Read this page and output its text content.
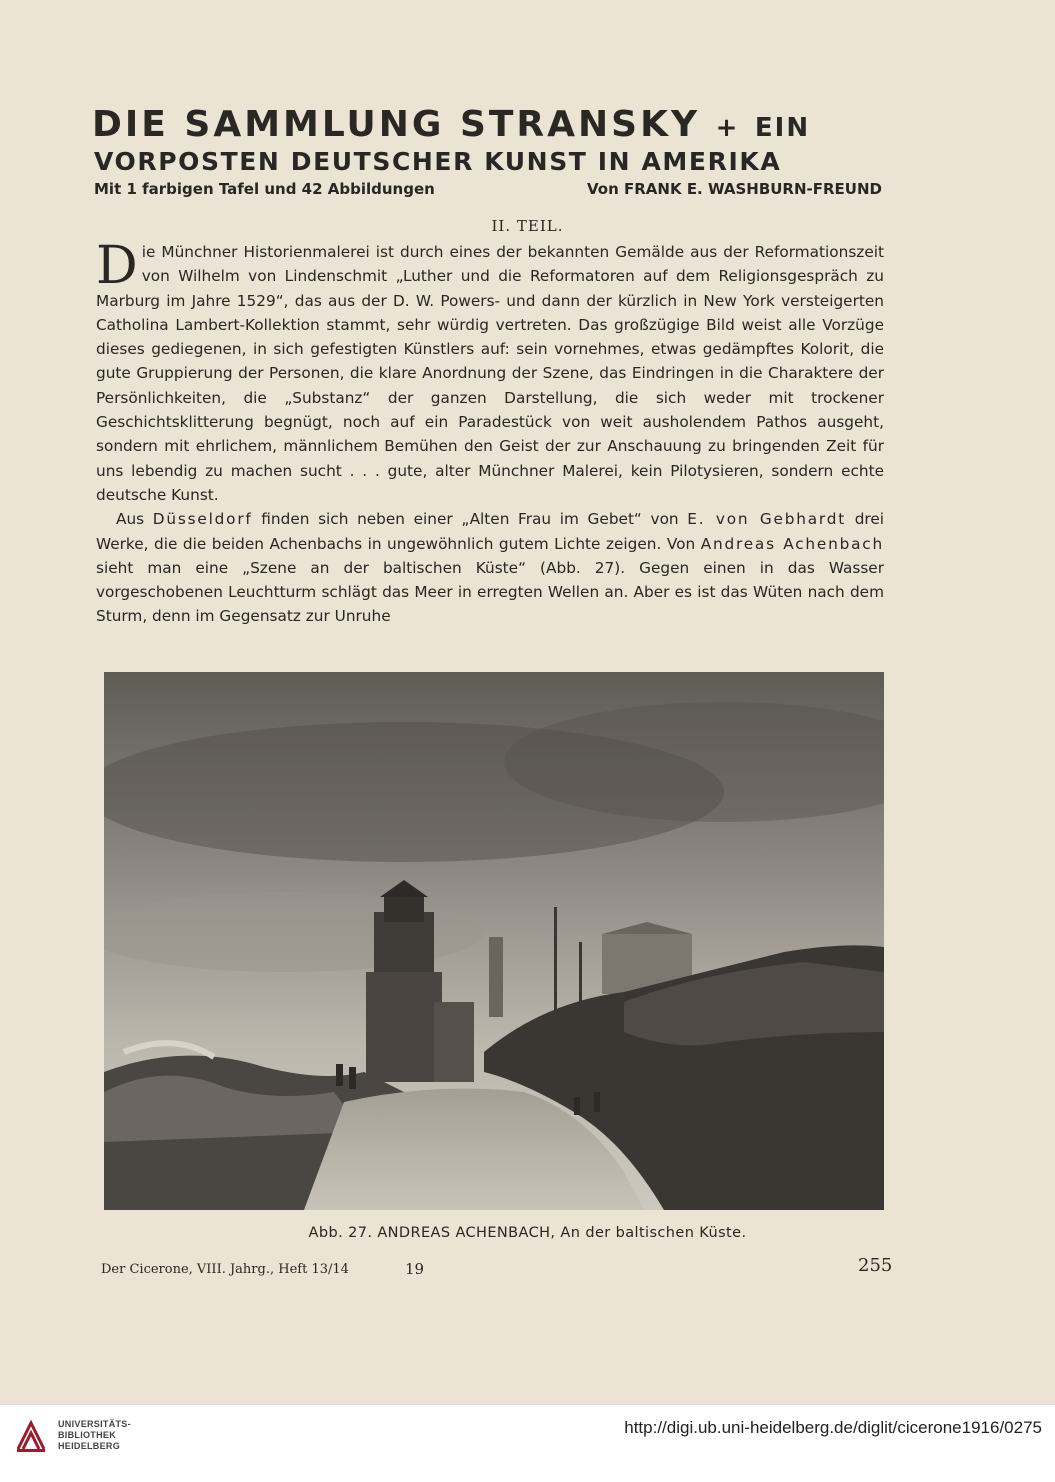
DIE SAMMLUNG STRANSKY + EIN
VORPOSTEN DEUTSCHER KUNST IN AMERIKA
Mit 1 farbigen Tafel und 42 Abbildungen	Von FRANK E. WASHBURN-FREUND
II. TEIL.

D ie Münchner Historienmalerei ist durch eines der bekannten Gemälde aus der Reformationszeit von Wilhelm von Lindenschmit „Luther und die Reformatoren auf dem Religionsgespräch zu Marburg im Jahre 1529“, das aus der D. W. Powers- und dann der kürzlich in New York versteigerten Catholina Lambert-Kollektion stammt, sehr würdig vertreten. Das großzügige Bild weist alle Vorzüge dieses gediegenen, in sich gefestigten Künstlers auf: sein vornehmes, etwas gedämpftes Kolorit, die gute Gruppierung der Personen, die klare Anordnung der Szene, das Eindringen in die Charaktere der Persönlichkeiten, die „Substanz“ der ganzen Darstellung, die sich weder mit trockener Geschichtsklitterung begnügt, noch auf ein Paradestück von weit ausholendem Pathos ausgeht, sondern mit ehrlichem, männlichem Bemühen den Geist der zur Anschauung zu bringenden Zeit für uns lebendig zu machen sucht . . . gute, alter Münchner Malerei, kein Pilotysieren, sondern echte deutsche Kunst.

Aus Düsseldorf finden sich neben einer „Alten Frau im Gebet“ von E. von Gebhardt drei Werke, die die beiden Achenbachs in ungewöhnlich gutem Lichte zeigen. Von Andreas Achenbach sieht man eine „Szene an der baltischen Küste“ (Abb. 27). Gegen einen in das Wasser vorgeschobenen Leuchtturm schlägt das Meer in erregten Wellen an. Aber es ist das Wüten nach dem Sturm, denn im Gegensatz zur Unruhe

Abb. 27. ANDREAS ACHENBACH, An der baltischen Küste.
Der Cicerone, VIII. Jahrg., Heft 13/14	19	255
UNIVERSITÄTS-
BIBLIOTHEK
HEIDELBERG
http://digi.ub.uni-heidelberg.de/diglit/cicerone1916/0275
